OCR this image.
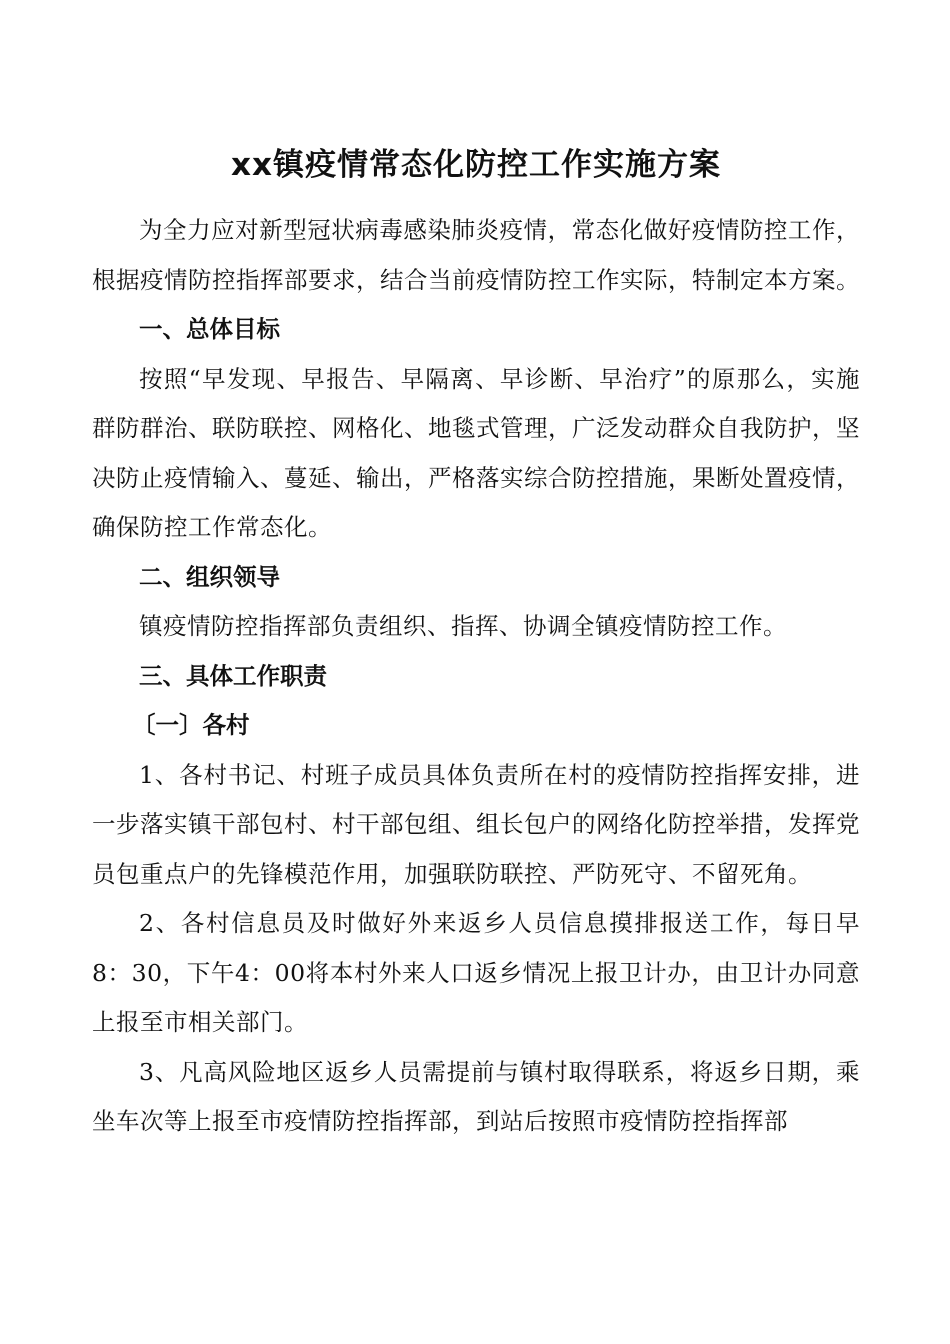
xx镇疫情常态化防控工作实施方案

为全力应对新型冠状病毒感染肺炎疫情，常态化做好疫情防控工作，根据疫情防控指挥部要求，结合当前疫情防控工作实际，特制定本方案。

一、总体目标

按照“早发现、早报告、早隔离、早诊断、早治疗”的原那么，实施群防群治、联防联控、网格化、地毯式管理，广泛发动群众自我防护，坚决防止疫情输入、蔓延、输出，严格落实综合防控措施，果断处置疫情，确保防控工作常态化。

二、组织领导

镇疫情防控指挥部负责组织、指挥、协调全镇疫情防控工作。

三、具体工作职责

〔一〕各村

1、各村书记、村班子成员具体负责所在村的疫情防控指挥安排，进一步落实镇干部包村、村干部包组、组长包户的网络化防控举措，发挥党员包重点户的先锋模范作用，加强联防联控、严防死守、不留死角。

2、各村信息员及时做好外来返乡人员信息摸排报送工作，每日早8：30，下午4：00将本村外来人口返乡情况上报卫计办，由卫计办同意上报至市相关部门。

3、凡高风险地区返乡人员需提前与镇村取得联系，将返乡日期，乘坐车次等上报至市疫情防控指挥部，到站后按照市疫情防控指挥部
